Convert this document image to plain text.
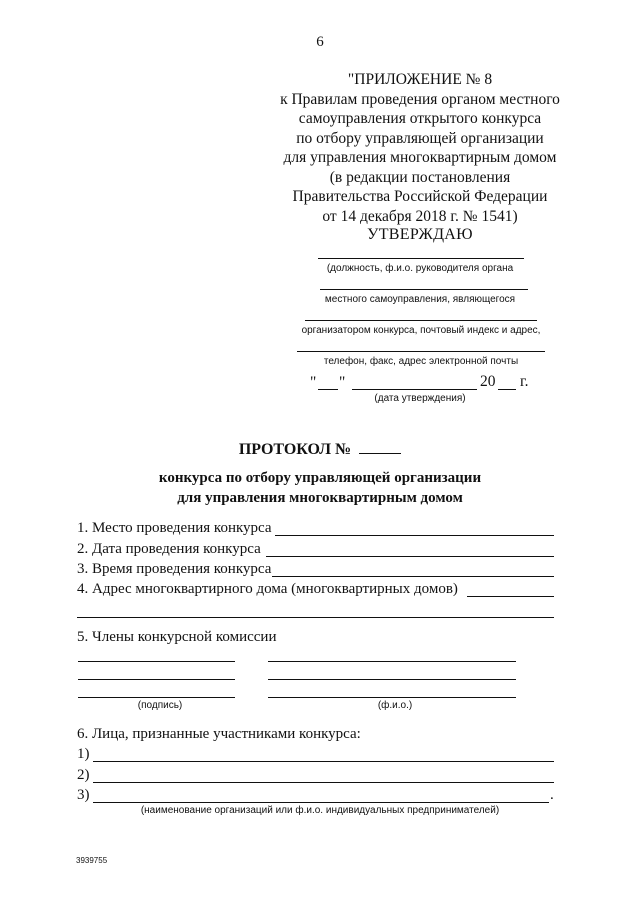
6
"ПРИЛОЖЕНИЕ № 8
к Правилам проведения органом местного
самоуправления открытого конкурса
по отбору управляющей организации
для управления многоквартирным домом
(в редакции постановления
Правительства Российской Федерации
от 14 декабря 2018 г. № 1541)
УТВЕРЖДАЮ
(должность, ф.и.о. руководителя органа
местного самоуправления, являющегося
организатором конкурса, почтовый индекс и адрес,
телефон, факс, адрес электронной почты
" "	20 г.
(дата утверждения)
ПРОТОКОЛ №
конкурса по отбору управляющей организации
для управления многоквартирным домом
1. Место проведения конкурса
2. Дата проведения конкурса
3. Время проведения конкурса
4. Адрес многоквартирного дома (многоквартирных домов)
5. Члены конкурсной комиссии
(подпись)	(ф.и.о.)
6. Лица, признанные участниками конкурса:
1)
2)
3)	.
(наименование организаций или ф.и.о. индивидуальных предпринимателей)
3939755
